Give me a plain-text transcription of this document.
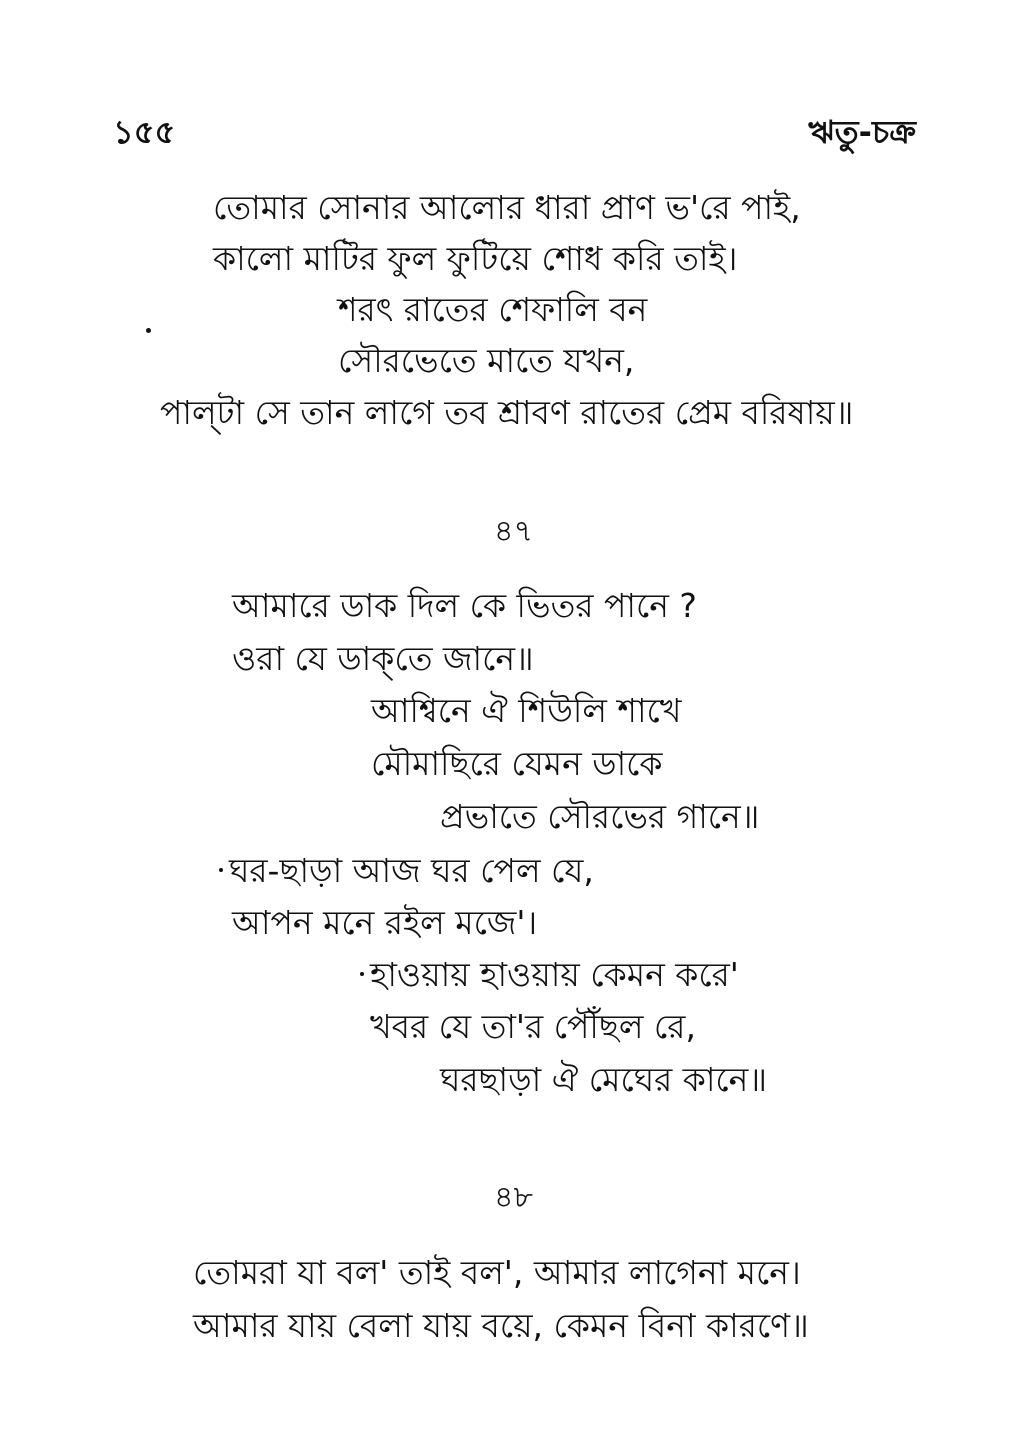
১৫৫	ঋতু-চক্র
তোমার সোনার আলোর ধারা প্রাণ ভ'রে পাই,
কালো মাটির ফুল ফুটিয়ে শোধ করি তাই।
শরৎ রাতের শেফালি বন
সৌরভেতে মাতে যখন,
পাল্‌টা সে তান লাগে তব শ্রাবণ রাতের প্রেম বরিষায়॥
৪৭
আমারে ডাক দিল কে ভিতর পানে ?
ওরা যে ডাক্‌তে জানে॥
আশ্বিনে ঐ শিউলি শাখে
মৌমাছিরে যেমন ডাকে
প্রভাতে সৌরভের গানে॥
ঘর-ছাড়া আজ ঘর পেল যে,
আপন মনে রইল মজে'।
হাওয়ায় হাওয়ায় কেমন করে'
খবর যে তা'র পৌঁছল রে,
ঘরছাড়া ঐ মেঘের কানে॥
৪৮
তোমরা যা বল' তাই বল', আমার লাগেনা মনে।
আমার যায় বেলা যায় বয়ে, কেমন বিনা কারণে॥
